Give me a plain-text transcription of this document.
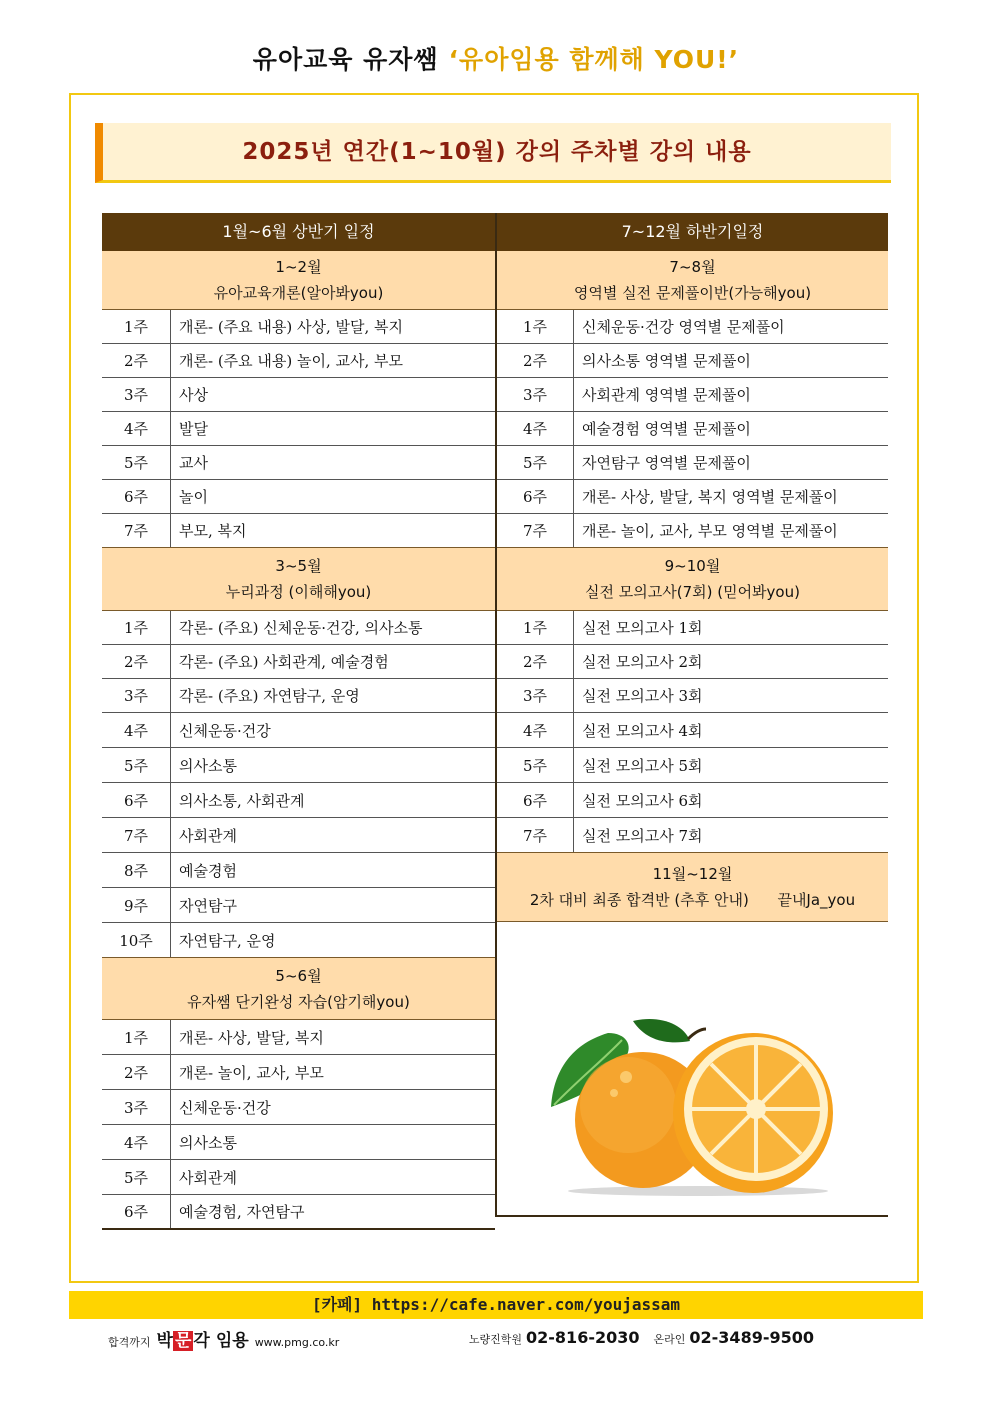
유아교육 유자쌤 ‘유아임용 함께해 YOU!’
2025년 연간(1~10월) 강의 주차별 강의 내용
1월~6월 상반기 일정
1~2월
유아교육개론(알아봐you)
1주	개론- (주요 내용) 사상, 발달, 복지
2주	개론- (주요 내용) 놀이, 교사, 부모
3주	사상
4주	발달
5주	교사
6주	놀이
7주	부모, 복지
3~5월
누리과정 (이해해you)
1주	각론- (주요) 신체운동·건강, 의사소통
2주	각론- (주요) 사회관계, 예술경험
3주	각론- (주요) 자연탐구, 운영
4주	신체운동·건강
5주	의사소통
6주	의사소통, 사회관계
7주	사회관계
8주	예술경험
9주	자연탐구
10주	자연탐구, 운영
5~6월
유자쌤 단기완성 자습(암기해you)
1주	개론- 사상, 발달, 복지
2주	개론- 놀이, 교사, 부모
3주	신체운동·건강
4주	의사소통
5주	사회관계
6주	예술경험, 자연탐구
7~12월 하반기일정
7~8월
영역별 실전 문제풀이반(가능해you)
1주	신체운동·건강 영역별 문제풀이
2주	의사소통 영역별 문제풀이
3주	사회관계 영역별 문제풀이
4주	예술경험 영역별 문제풀이
5주	자연탐구 영역별 문제풀이
6주	개론- 사상, 발달, 복지 영역별 문제풀이
7주	개론- 놀이, 교사, 부모 영역별 문제풀이
9~10월
실전 모의고사(7회) (믿어봐you)
1주	실전 모의고사 1회
2주	실전 모의고사 2회
3주	실전 모의고사 3회
4주	실전 모의고사 4회
5주	실전 모의고사 5회
6주	실전 모의고사 6회
7주	실전 모의고사 7회
11월~12월
2차 대비 최종 합격반 (추후 안내)      끝내Ja_you
[카페] https://cafe.naver.com/youjassam
합격까지 박 문 각 임용 www.pmg.co.kr	노량진학원 02-816-2030 온라인 02-3489-9500
